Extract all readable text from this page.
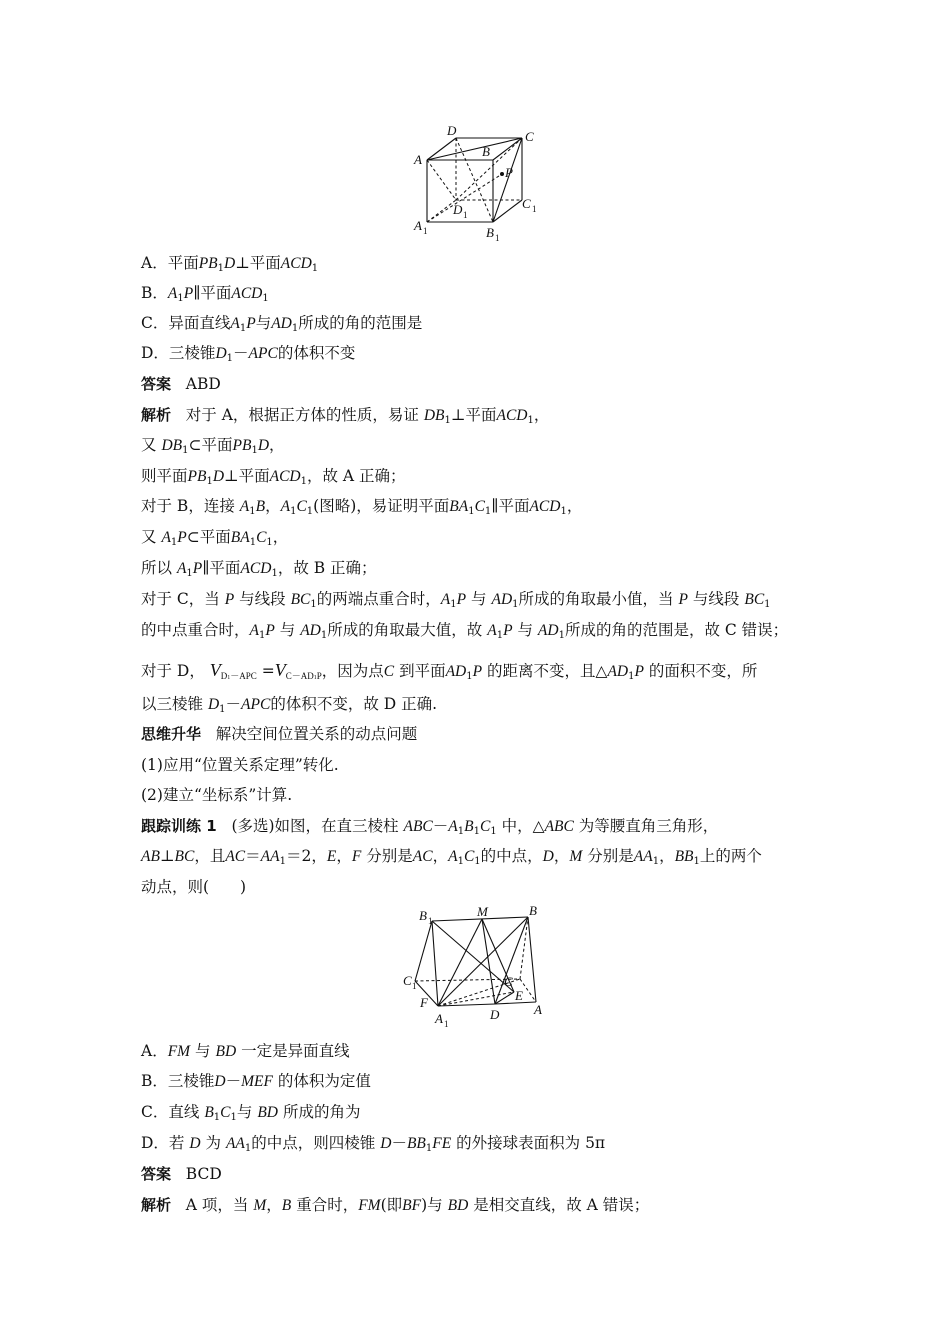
D	C
A
B
P
C 1
D 1
A 1	B 1
A．平面$PB_1D\perp$平面$ACD_1$
B．$A_1P\parallel$平面$ACD_1$
C．异面直线$A_1P$与$AD_1$所成的角的范围是
D．三棱锥$D_1-APC$的体积不变
答案 ABD
解析 对于 A，根据正方体的性质，易证 $DB_1\perp$平面$ACD_1$，
又 $DB_1\subset$平面$PB_1D$，
则平面$PB_1D\perp$平面$ACD_1$，故 A 正确；
对于 B，连接 $A_1B$，$A_1C_1$(图略)，易证明平面$BA_1C_1\parallel$平面$ACD_1$，
又 $A_1P\subset$平面$BA_1C_1$，
所以 $A_1P\parallel$平面$ACD_1$，故 B 正确；
对于 C，当 P 与线段 $BC_1$的两端点重合时，$A_1P$ 与 $AD_1$所成的角取最小值，当 P 与线段 $BC_1$
的中点重合时，$A_1P$ 与 $AD_1$所成的角取最大值，故 $A_1P$ 与 $AD_1$所成的角的范围是，故 C 错误；
对于 D， $V_{D1-APC} =V_{C-AD1P}$，因为点C 到平面$AD_1P$ 的距离不变，且$\triangle AD_1P$ 的面积不变，所
以三棱锥 $D_1-APC$的体积不变，故 D 正确.
思维升华 解决空间位置关系的动点问题
(1)应用“位置关系定理”转化.
(2)建立“坐标系”计算.
跟踪训练 1 (多选)如图，在直三棱柱 $ABC-A_1B_1C_1$ 中，△ABC 为等腰直角三角形，
AB⊥BC，且$AC=AA_1=2$，E，F 分别是AC，$A_1C_1$的中点，D，M 分别是$AA_1$，$BB_1$上的两个
动点，则(　　)
B 1
M	B
C 1	C
F	E
A 1
D	A
A．FM 与 BD 一定是异面直线
B．三棱锥D－MEF 的体积为定值
C．直线 $B_1C_1$与 BD 所成的角为
D．若 D 为 $AA_1$的中点，则四棱锥 $D-BB_1FE$ 的外接球表面积为 5π
答案 BCD
解析 A 项，当 M，B 重合时，FM(即BF)与 BD 是相交直线，故 A 错误；
